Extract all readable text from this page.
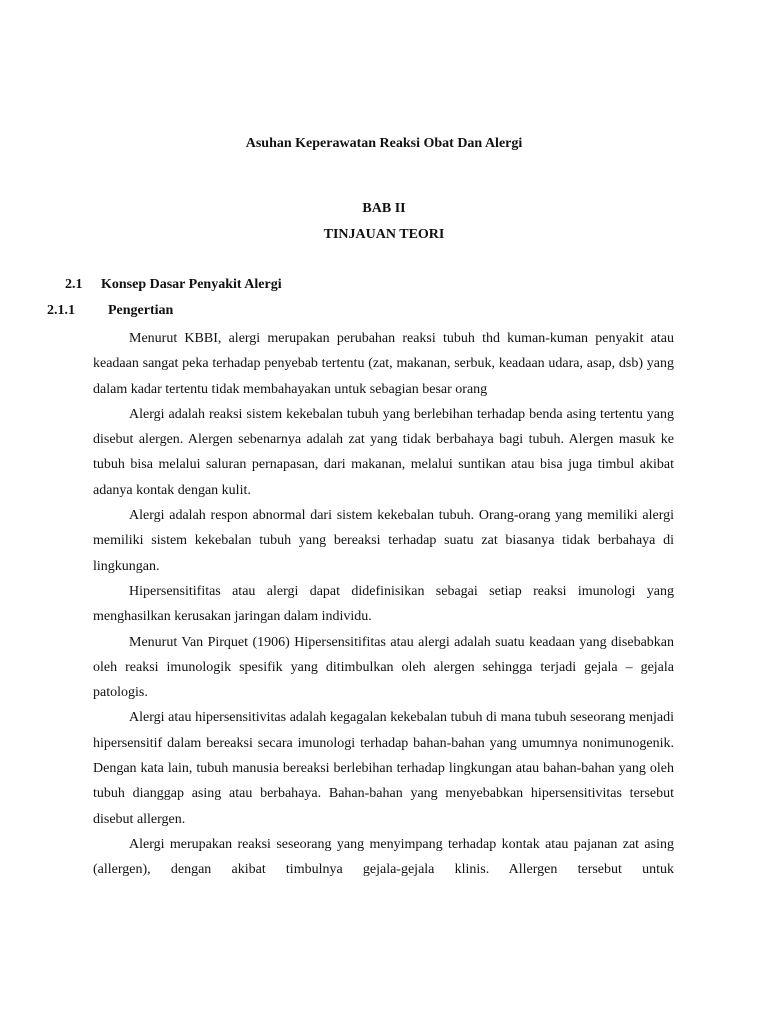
Asuhan Keperawatan Reaksi Obat Dan Alergi
BAB II
TINJAUAN TEORI
2.1 Konsep Dasar Penyakit Alergi
2.1.1 Pengertian

Menurut KBBI, alergi merupakan perubahan reaksi tubuh thd kuman-kuman penyakit atau keadaan sangat peka terhadap penyebab tertentu (zat, makanan, serbuk, keadaan udara, asap, dsb) yang dalam kadar tertentu tidak membahayakan untuk sebagian besar orang

Alergi adalah reaksi sistem kekebalan tubuh yang berlebihan terhadap benda asing tertentu yang disebut alergen. Alergen sebenarnya adalah zat yang tidak berbahaya bagi tubuh. Alergen masuk ke tubuh bisa melalui saluran pernapasan, dari makanan, melalui suntikan atau bisa juga timbul akibat adanya kontak dengan kulit.

Alergi adalah respon abnormal dari sistem kekebalan tubuh. Orang-orang yang memiliki alergi memiliki sistem kekebalan tubuh yang bereaksi terhadap suatu zat biasanya tidak berbahaya di lingkungan.

Hipersensitifitas atau alergi dapat didefinisikan sebagai setiap reaksi imunologi yang menghasilkan kerusakan jaringan dalam individu.

Menurut Van Pirquet (1906) Hipersensitifitas atau alergi adalah suatu keadaan yang disebabkan oleh reaksi imunologik spesifik yang ditimbulkan oleh alergen sehingga terjadi gejala – gejala patologis.

Alergi atau hipersensitivitas adalah kegagalan kekebalan tubuh di mana tubuh seseorang menjadi hipersensitif dalam bereaksi secara imunologi terhadap bahan-bahan yang umumnya nonimunogenik. Dengan kata lain, tubuh manusia bereaksi berlebihan terhadap lingkungan atau bahan-bahan yang oleh tubuh dianggap asing atau berbahaya. Bahan-bahan yang menyebabkan hipersensitivitas tersebut disebut allergen.

Alergi merupakan reaksi seseorang yang menyimpang terhadap kontak atau pajanan zat asing (allergen), dengan akibat timbulnya gejala-gejala klinis. Allergen tersebut untuk
